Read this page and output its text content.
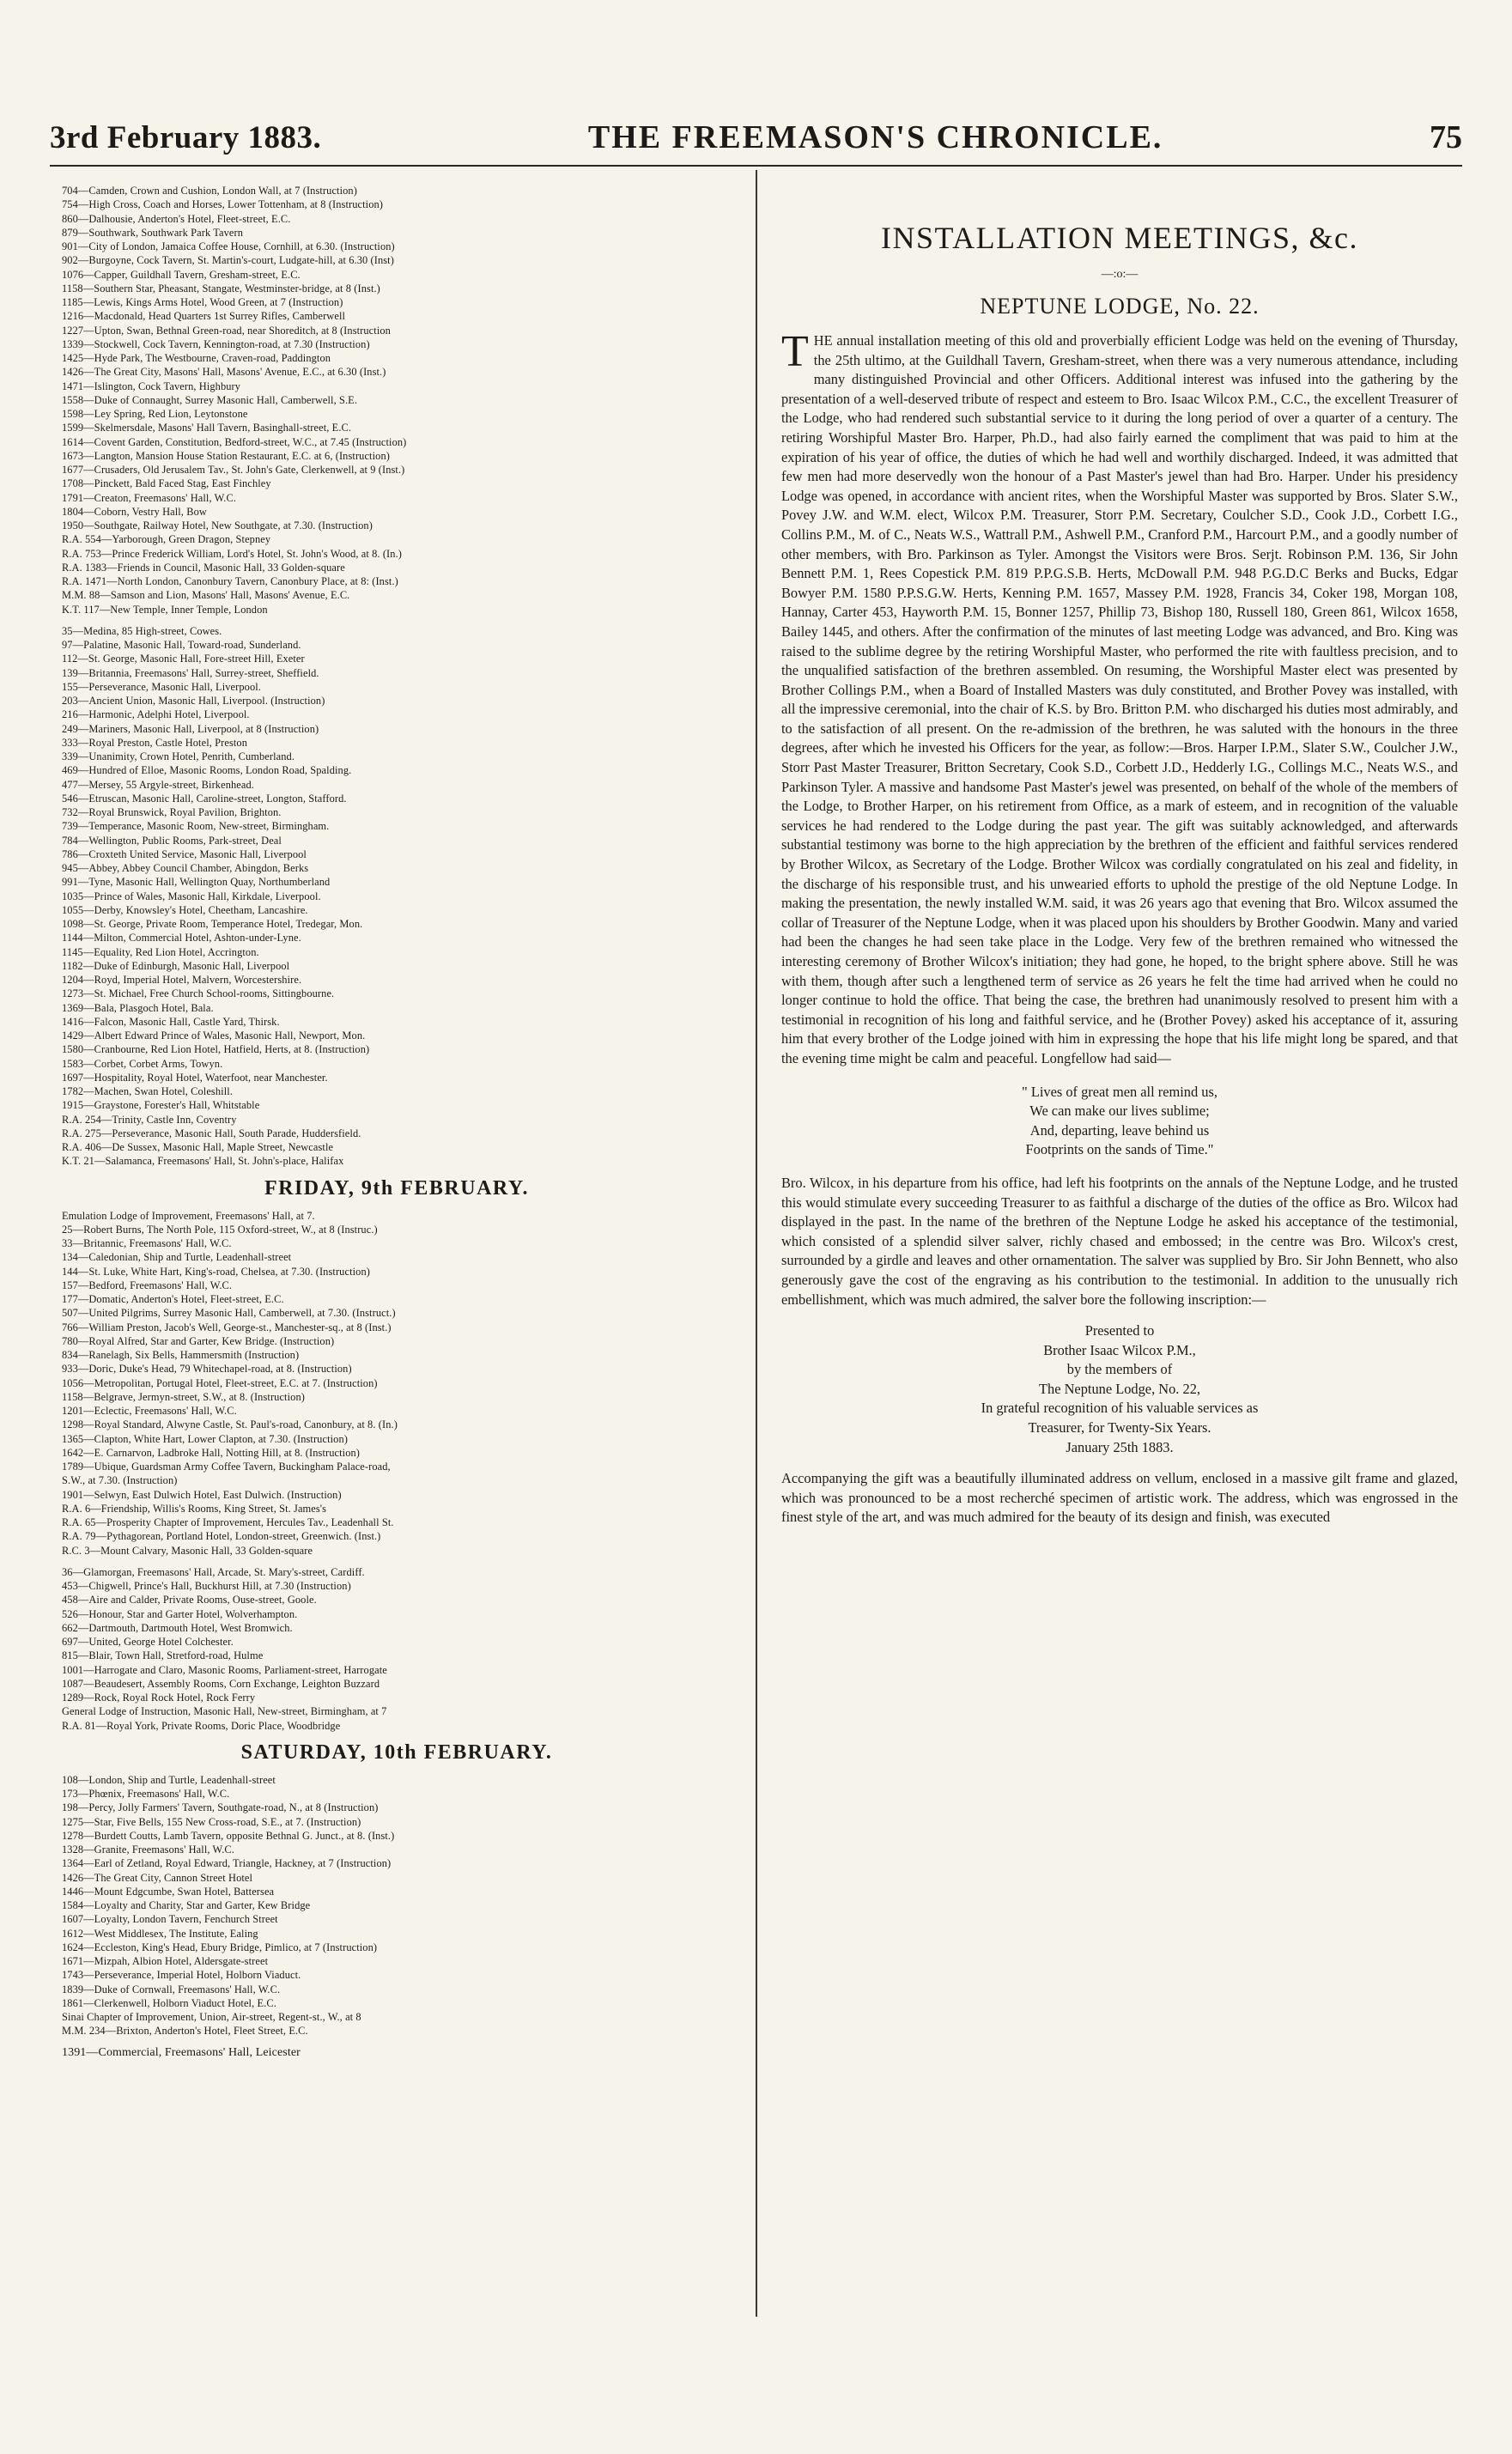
3rd February 1883.	THE FREEMASON'S CHRONICLE.	75
704—Camden, Crown and Cushion, London Wall, at 7 (Instruction)
754—High Cross, Coach and Horses, Lower Tottenham, at 8 (Instruction)
860—Dalhousie, Anderton's Hotel, Fleet-street, E.C.
879—Southwark, Southwark Park Tavern
901—City of London, Jamaica Coffee House, Cornhill, at 6.30. (Instruction)
902—Burgoyne, Cock Tavern, St. Martin's-court, Ludgate-hill, at 6.30 (Inst)
1076—Capper, Guildhall Tavern, Gresham-street, E.C.
1158—Southern Star, Pheasant, Stangate, Westminster-bridge, at 8 (Inst.)
1185—Lewis, Kings Arms Hotel, Wood Green, at 7 (Instruction)
1216—Macdonald, Head Quarters 1st Surrey Rifles, Camberwell
1227—Upton, Swan, Bethnal Green-road, near Shoreditch, at 8 (Instruction
1339—Stockwell, Cock Tavern, Kennington-road, at 7.30 (Instruction)
1425—Hyde Park, The Westbourne, Craven-road, Paddington
1426—The Great City, Masons' Hall, Masons' Avenue, E.C., at 6.30 (Inst.)
1471—Islington, Cock Tavern, Highbury
1558—Duke of Connaught, Surrey Masonic Hall, Camberwell, S.E.
1598—Ley Spring, Red Lion, Leytonstone
1599—Skelmersdale, Masons' Hall Tavern, Basinghall-street, E.C.
1614—Covent Garden, Constitution, Bedford-street, W.C., at 7.45 (Instruction)
1673—Langton, Mansion House Station Restaurant, E.C. at 6, (Instruction)
1677—Crusaders, Old Jerusalem Tav., St. John's Gate, Clerkenwell, at 9 (Inst.)
1708—Pinckett, Bald Faced Stag, East Finchley
1791—Creaton, Freemasons' Hall, W.C.
1804—Coborn, Vestry Hall, Bow
1950—Southgate, Railway Hotel, New Southgate, at 7.30. (Instruction)
R.A. 554—Yarborough, Green Dragon, Stepney
R.A. 753—Prince Frederick William, Lord's Hotel, St. John's Wood, at 8. (In.)
R.A. 1383—Friends in Council, Masonic Hall, 33 Golden-square
R.A. 1471—North London, Canonbury Tavern, Canonbury Place, at 8: (Inst.)
M.M. 88—Samson and Lion, Masons' Hall, Masons' Avenue, E.C.
K.T. 117—New Temple, Inner Temple, London
35—Medina, 85 High-street, Cowes.
97—Palatine, Masonic Hall, Toward-road, Sunderland.
112—St. George, Masonic Hall, Fore-street Hill, Exeter
139—Britannia, Freemasons' Hall, Surrey-street, Sheffield.
155—Perseverance, Masonic Hall, Liverpool.
203—Ancient Union, Masonic Hall, Liverpool. (Instruction)
216—Harmonic, Adelphi Hotel, Liverpool.
249—Mariners, Masonic Hall, Liverpool, at 8 (Instruction)
333—Royal Preston, Castle Hotel, Preston
339—Unanimity, Crown Hotel, Penrith, Cumberland.
469—Hundred of Elloe, Masonic Rooms, London Road, Spalding.
477—Mersey, 55 Argyle-street, Birkenhead.
546—Etruscan, Masonic Hall, Caroline-street, Longton, Stafford.
732—Royal Brunswick, Royal Pavilion, Brighton.
739—Temperance, Masonic Room, New-street, Birmingham.
784—Wellington, Public Rooms, Park-street, Deal
786—Croxteth United Service, Masonic Hall, Liverpool
945—Abbey, Abbey Council Chamber, Abingdon, Berks
991—Tyne, Masonic Hall, Wellington Quay, Northumberland
1035—Prince of Wales, Masonic Hall, Kirkdale, Liverpool.
1055—Derby, Knowsley's Hotel, Cheetham, Lancashire.
1098—St. George, Private Room, Temperance Hotel, Tredegar, Mon.
1144—Milton, Commercial Hotel, Ashton-under-Lyne.
1145—Equality, Red Lion Hotel, Accrington.
1182—Duke of Edinburgh, Masonic Hall, Liverpool
1204—Royd, Imperial Hotel, Malvern, Worcestershire.
1273—St. Michael, Free Church School-rooms, Sittingbourne.
1369—Bala, Plasgoch Hotel, Bala.
1416—Falcon, Masonic Hall, Castle Yard, Thirsk.
1429—Albert Edward Prince of Wales, Masonic Hall, Newport, Mon.
1580—Cranbourne, Red Lion Hotel, Hatfield, Herts, at 8. (Instruction)
1583—Corbet, Corbet Arms, Towyn.
1697—Hospitality, Royal Hotel, Waterfoot, near Manchester.
1782—Machen, Swan Hotel, Coleshill.
1915—Graystone, Forester's Hall, Whitstable
R.A. 254—Trinity, Castle Inn, Coventry
R.A. 275—Perseverance, Masonic Hall, South Parade, Huddersfield.
R.A. 406—De Sussex, Masonic Hall, Maple Street, Newcastle
K.T. 21—Salamanca, Freemasons' Hall, St. John's-place, Halifax
FRIDAY, 9th FEBRUARY.
Emulation Lodge of Improvement, Freemasons' Hall, at 7.
25—Robert Burns, The North Pole, 115 Oxford-street, W., at 8 (Instruc.)
33—Britannic, Freemasons' Hall, W.C.
134—Caledonian, Ship and Turtle, Leadenhall-street
144—St. Luke, White Hart, King's-road, Chelsea, at 7.30. (Instruction)
157—Bedford, Freemasons' Hall, W.C.
177—Domatic, Anderton's Hotel, Fleet-street, E.C.
507—United Pilgrims, Surrey Masonic Hall, Camberwell, at 7.30. (Instruct.)
766—William Preston, Jacob's Well, George-st., Manchester-sq., at 8 (Inst.)
780—Royal Alfred, Star and Garter, Kew Bridge. (Instruction)
834—Ranelagh, Six Bells, Hammersmith (Instruction)
933—Doric, Duke's Head, 79 Whitechapel-road, at 8. (Instruction)
1056—Metropolitan, Portugal Hotel, Fleet-street, E.C. at 7. (Instruction)
1158—Belgrave, Jermyn-street, S.W., at 8. (Instruction)
1201—Eclectic, Freemasons' Hall, W.C.
1298—Royal Standard, Alwyne Castle, St. Paul's-road, Canonbury, at 8. (In.)
1365—Clapton, White Hart, Lower Clapton, at 7.30. (Instruction)
1642—E. Carnarvon, Ladbroke Hall, Notting Hill, at 8. (Instruction)
1789—Ubique, Guardsman Army Coffee Tavern, Buckingham Palace-road,
S.W., at 7.30. (Instruction)
1901—Selwyn, East Dulwich Hotel, East Dulwich. (Instruction)
R.A. 6—Friendship, Willis's Rooms, King Street, St. James's
R.A. 65—Prosperity Chapter of Improvement, Hercules Tav., Leadenhall St.
R.A. 79—Pythagorean, Portland Hotel, London-street, Greenwich. (Inst.)
R.C. 3—Mount Calvary, Masonic Hall, 33 Golden-square
36—Glamorgan, Freemasons' Hall, Arcade, St. Mary's-street, Cardiff.
453—Chigwell, Prince's Hall, Buckhurst Hill, at 7.30 (Instruction)
458—Aire and Calder, Private Rooms, Ouse-street, Goole.
526—Honour, Star and Garter Hotel, Wolverhampton.
662—Dartmouth, Dartmouth Hotel, West Bromwich.
697—United, George Hotel Colchester.
815—Blair, Town Hall, Stretford-road, Hulme
1001—Harrogate and Claro, Masonic Rooms, Parliament-street, Harrogate
1087—Beaudesert, Assembly Rooms, Corn Exchange, Leighton Buzzard
1289—Rock, Royal Rock Hotel, Rock Ferry
General Lodge of Instruction, Masonic Hall, New-street, Birmingham, at 7
R.A. 81—Royal York, Private Rooms, Doric Place, Woodbridge
SATURDAY, 10th FEBRUARY.
108—London, Ship and Turtle, Leadenhall-street
173—Phœnix, Freemasons' Hall, W.C.
198—Percy, Jolly Farmers' Tavern, Southgate-road, N., at 8 (Instruction)
1275—Star, Five Bells, 155 New Cross-road, S.E., at 7. (Instruction)
1278—Burdett Coutts, Lamb Tavern, opposite Bethnal G. Junct., at 8. (Inst.)
1328—Granite, Freemasons' Hall, W.C.
1364—Earl of Zetland, Royal Edward, Triangle, Hackney, at 7 (Instruction)
1426—The Great City, Cannon Street Hotel
1446—Mount Edgcumbe, Swan Hotel, Battersea
1584—Loyalty and Charity, Star and Garter, Kew Bridge
1607—Loyalty, London Tavern, Fenchurch Street
1612—West Middlesex, The Institute, Ealing
1624—Eccleston, King's Head, Ebury Bridge, Pimlico, at 7 (Instruction)
1671—Mizpah, Albion Hotel, Aldersgate-street
1743—Perseverance, Imperial Hotel, Holborn Viaduct.
1839—Duke of Cornwall, Freemasons' Hall, W.C.
1861—Clerkenwell, Holborn Viaduct Hotel, E.C.
Sinai Chapter of Improvement, Union, Air-street, Regent-st., W., at 8
M.M. 234—Brixton, Anderton's Hotel, Fleet Street, E.C.
1391—Commercial, Freemasons' Hall, Leicester
INSTALLATION MEETINGS, &c.
—:o:—
NEPTUNE LODGE, No. 22.

THE annual installation meeting of this old and proverbially efficient Lodge was held on the evening of Thursday, the 25th ultimo, at the Guildhall Tavern, Gresham-street, when there was a very numerous attendance, including many distinguished Provincial and other Officers. Additional interest was infused into the gathering by the presentation of a well-deserved tribute of respect and esteem to Bro. Isaac Wilcox P.M., C.C., the excellent Treasurer of the Lodge, who had rendered such substantial service to it during the long period of over a quarter of a century. The retiring Worshipful Master Bro. Harper, Ph.D., had also fairly earned the compliment that was paid to him at the expiration of his year of office, the duties of which he had well and worthily discharged. Indeed, it was admitted that few men had more deservedly won the honour of a Past Master's jewel than had Bro. Harper. Under his presidency Lodge was opened, in accordance with ancient rites, when the Worshipful Master was supported by Bros. Slater S.W., Povey J.W. and W.M. elect, Wilcox P.M. Treasurer, Storr P.M. Secretary, Coulcher S.D., Cook J.D., Corbett I.G., Collins P.M., M. of C., Neats W.S., Wattrall P.M., Ashwell P.M., Cranford P.M., Harcourt P.M., and a goodly number of other members, with Bro. Parkinson as Tyler. Amongst the Visitors were Bros. Serjt. Robinson P.M. 136, Sir John Bennett P.M. 1, Rees Copestick P.M. 819 P.P.G.S.B. Herts, McDowall P.M. 948 P.G.D.C Berks and Bucks, Edgar Bowyer P.M. 1580 P.P.S.G.W. Herts, Kenning P.M. 1657, Massey P.M. 1928, Francis 34, Coker 198, Morgan 108, Hannay, Carter 453, Hayworth P.M. 15, Bonner 1257, Phillip 73, Bishop 180, Russell 180, Green 861, Wilcox 1658, Bailey 1445, and others. After the confirmation of the minutes of last meeting Lodge was advanced, and Bro. King was raised to the sublime degree by the retiring Worshipful Master, who performed the rite with faultless precision, and to the unqualified satisfaction of the brethren assembled. On resuming, the Worshipful Master elect was presented by Brother Collings P.M., when a Board of Installed Masters was duly constituted, and Brother Povey was installed, with all the impressive ceremonial, into the chair of K.S. by Bro. Britton P.M. who discharged his duties most admirably, and to the satisfaction of all present. On the re-admission of the brethren, he was saluted with the honours in the three degrees, after which he invested his Officers for the year, as follow:—Bros. Harper I.P.M., Slater S.W., Coulcher J.W., Storr Past Master Treasurer, Britton Secretary, Cook S.D., Corbett J.D., Hedderly I.G., Collings M.C., Neats W.S., and Parkinson Tyler. A massive and handsome Past Master's jewel was presented, on behalf of the whole of the members of the Lodge, to Brother Harper, on his retirement from Office, as a mark of esteem, and in recognition of the valuable services he had rendered to the Lodge during the past year. The gift was suitably acknowledged, and afterwards substantial testimony was borne to the high appreciation by the brethren of the efficient and faithful services rendered by Brother Wilcox, as Secretary of the Lodge. Brother Wilcox was cordially congratulated on his zeal and fidelity, in the discharge of his responsible trust, and his unwearied efforts to uphold the prestige of the old Neptune Lodge. In making the presentation, the newly installed W.M. said, it was 26 years ago that evening that Bro. Wilcox assumed the collar of Treasurer of the Neptune Lodge, when it was placed upon his shoulders by Brother Goodwin. Many and varied had been the changes he had seen take place in the Lodge. Very few of the brethren remained who witnessed the interesting ceremony of Brother Wilcox's initiation; they had gone, he hoped, to the bright sphere above. Still he was with them, though after such a lengthened term of service as 26 years he felt the time had arrived when he could no longer continue to hold the office. That being the case, the brethren had unanimously resolved to present him with a testimonial in recognition of his long and faithful service, and he (Brother Povey) asked his acceptance of it, assuring him that every brother of the Lodge joined with him in expressing the hope that his life might long be spared, and that the evening time might be calm and peaceful. Longfellow had said—

" Lives of great men all remind us,
We can make our lives sublime;
And, departing, leave behind us
Footprints on the sands of Time."

Bro. Wilcox, in his departure from his office, had left his footprints on the annals of the Neptune Lodge, and he trusted this would stimulate every succeeding Treasurer to as faithful a discharge of the duties of the office as Bro. Wilcox had displayed in the past. In the name of the brethren of the Neptune Lodge he asked his acceptance of the testimonial, which consisted of a splendid silver salver, richly chased and embossed; in the centre was Bro. Wilcox's crest, surrounded by a girdle and leaves and other ornamentation. The salver was supplied by Bro. Sir John Bennett, who also generously gave the cost of the engraving as his contribution to the testimonial. In addition to the unusually rich embellishment, which was much admired, the salver bore the following inscription:—

Presented to
Brother Isaac Wilcox P.M.,
by the members of
The Neptune Lodge, No. 22,
In grateful recognition of his valuable services as
Treasurer, for Twenty-Six Years.
January 25th 1883.

Accompanying the gift was a beautifully illuminated address on vellum, enclosed in a massive gilt frame and glazed, which was pronounced to be a most recherché specimen of artistic work. The address, which was engrossed in the finest style of the art, and was much admired for the beauty of its design and finish, was executed
